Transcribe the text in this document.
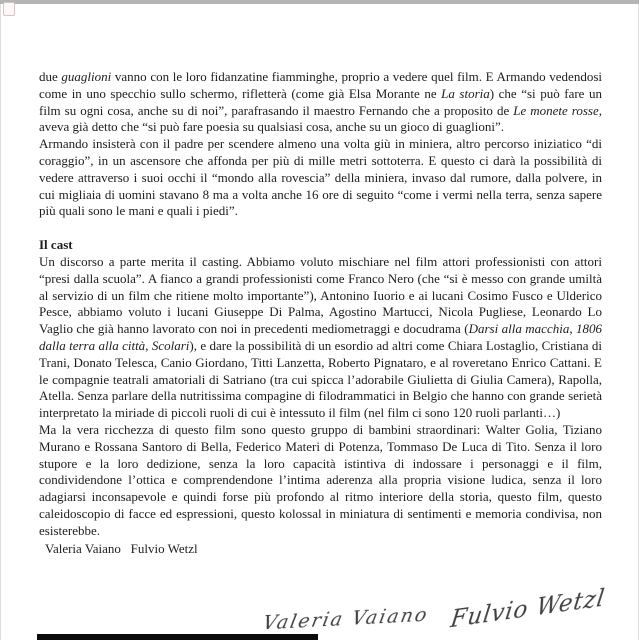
due guaglioni vanno con le loro fidanzatine fiamminghe, proprio a vedere quel film. E Armando vedendosi come in uno specchio sullo schermo, rifletterà (come già Elsa Morante ne La storia) che “si può fare un film su ogni cosa, anche su di noi”, parafrasando il maestro Fernando che a proposito de Le monete rosse, aveva già detto che “si può fare poesia su qualsiasi cosa, anche su un gioco di guaglioni”.

Armando insisterà con il padre per scendere almeno una volta giù in miniera, altro percorso iniziatico “di coraggio”, in un ascensore che affonda per più di mille metri sottoterra. E questo ci darà la possibilità di vedere attraverso i suoi occhi il “mondo alla rovescia” della miniera, invaso dal rumore, dalla polvere, in cui migliaia di uomini stavano 8 ma a volta anche 16 ore di seguito “come i vermi nella terra, senza sapere più quali sono le mani e quali i piedi”.

Il cast

Un discorso a parte merita il casting. Abbiamo voluto mischiare nel film attori professionisti con attori “presi dalla scuola”. A fianco a grandi professionisti come Franco Nero (che “si è messo con grande umiltà al servizio di un film che ritiene molto importante”), Antonino Iuorio e ai lucani Cosimo Fusco e Ulderico Pesce, abbiamo voluto i lucani Giuseppe Di Palma, Agostino Martucci, Nicola Pugliese, Leonardo Lo Vaglio che già hanno lavorato con noi in precedenti mediometraggi e docudrama (Darsi alla macchia, 1806 dalla terra alla città, Scolari), e dare la possibilità di un esordio ad altri come Chiara Lostaglio, Cristiana di Trani, Donato Telesca, Canio Giordano, Titti Lanzetta, Roberto Pignataro, e al roveretano Enrico Cattani. E le compagnie teatrali amatoriali di Satriano (tra cui spicca l’adorabile Giulietta di Giulia Camera), Rapolla, Atella. Senza parlare della nutritissima compagine di filodrammatici in Belgio che hanno con grande serietà interpretato la miriade di piccoli ruoli di cui è intessuto il film (nel film ci sono 120 ruoli parlanti…)

Ma la vera ricchezza di questo film sono questo gruppo di bambini straordinari: Walter Golia, Tiziano Murano e Rossana Santoro di Bella, Federico Materi di Potenza, Tommaso De Luca di Tito. Senza il loro stupore e la loro dedizione, senza la loro capacità istintiva di indossare i personaggi e il film, condividendone l’ottica e comprendendone l’intima aderenza alla propria visione ludica, senza il loro adagiarsi inconsapevole e quindi forse più profondo al ritmo interiore della storia, questo film, questo caleidoscopio di facce ed espressioni, questo kolossal in miniatura di sentimenti e memoria condivisa, non esisterebbe.

Valeria Vaiano   Fulvio Wetzl

Valeria Vaiano Fulvio Wetzl
